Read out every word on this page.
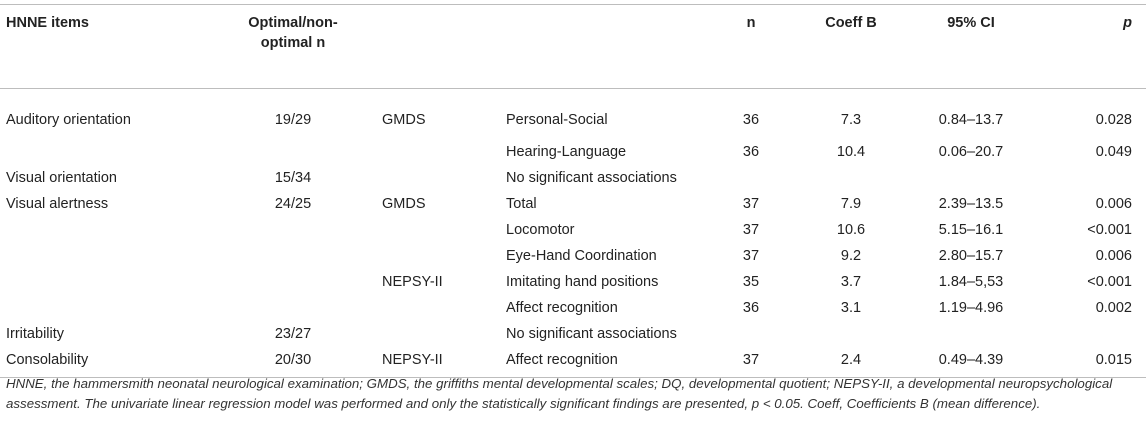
HNNE items	Optimal/non-optimal n			n	Coeff B	95% CI	p
Auditory orientation	19/29	GMDS	Personal-Social	36	7.3	0.84–13.7	0.028
			Hearing-Language	36	10.4	0.06–20.7	0.049
Visual orientation	15/34		No significant associations				
Visual alertness	24/25	GMDS	Total	37	7.9	2.39–13.5	0.006
			Locomotor	37	10.6	5.15–16.1	<0.001
			Eye-Hand Coordination	37	9.2	2.80–15.7	0.006
		NEPSY-II	Imitating hand positions	35	3.7	1.84–5,53	<0.001
			Affect recognition	36	3.1	1.19–4.96	0.002
Irritability	23/27		No significant associations				
Consolability	20/30	NEPSY-II	Affect recognition	37	2.4	0.49–4.39	0.015
HNNE, the hammersmith neonatal neurological examination; GMDS, the griffiths mental developmental scales; DQ, developmental quotient; NEPSY-II, a developmental neuropsychological assessment. The univariate linear regression model was performed and only the statistically significant findings are presented, p < 0.05. Coeff, Coefficients B (mean difference).
